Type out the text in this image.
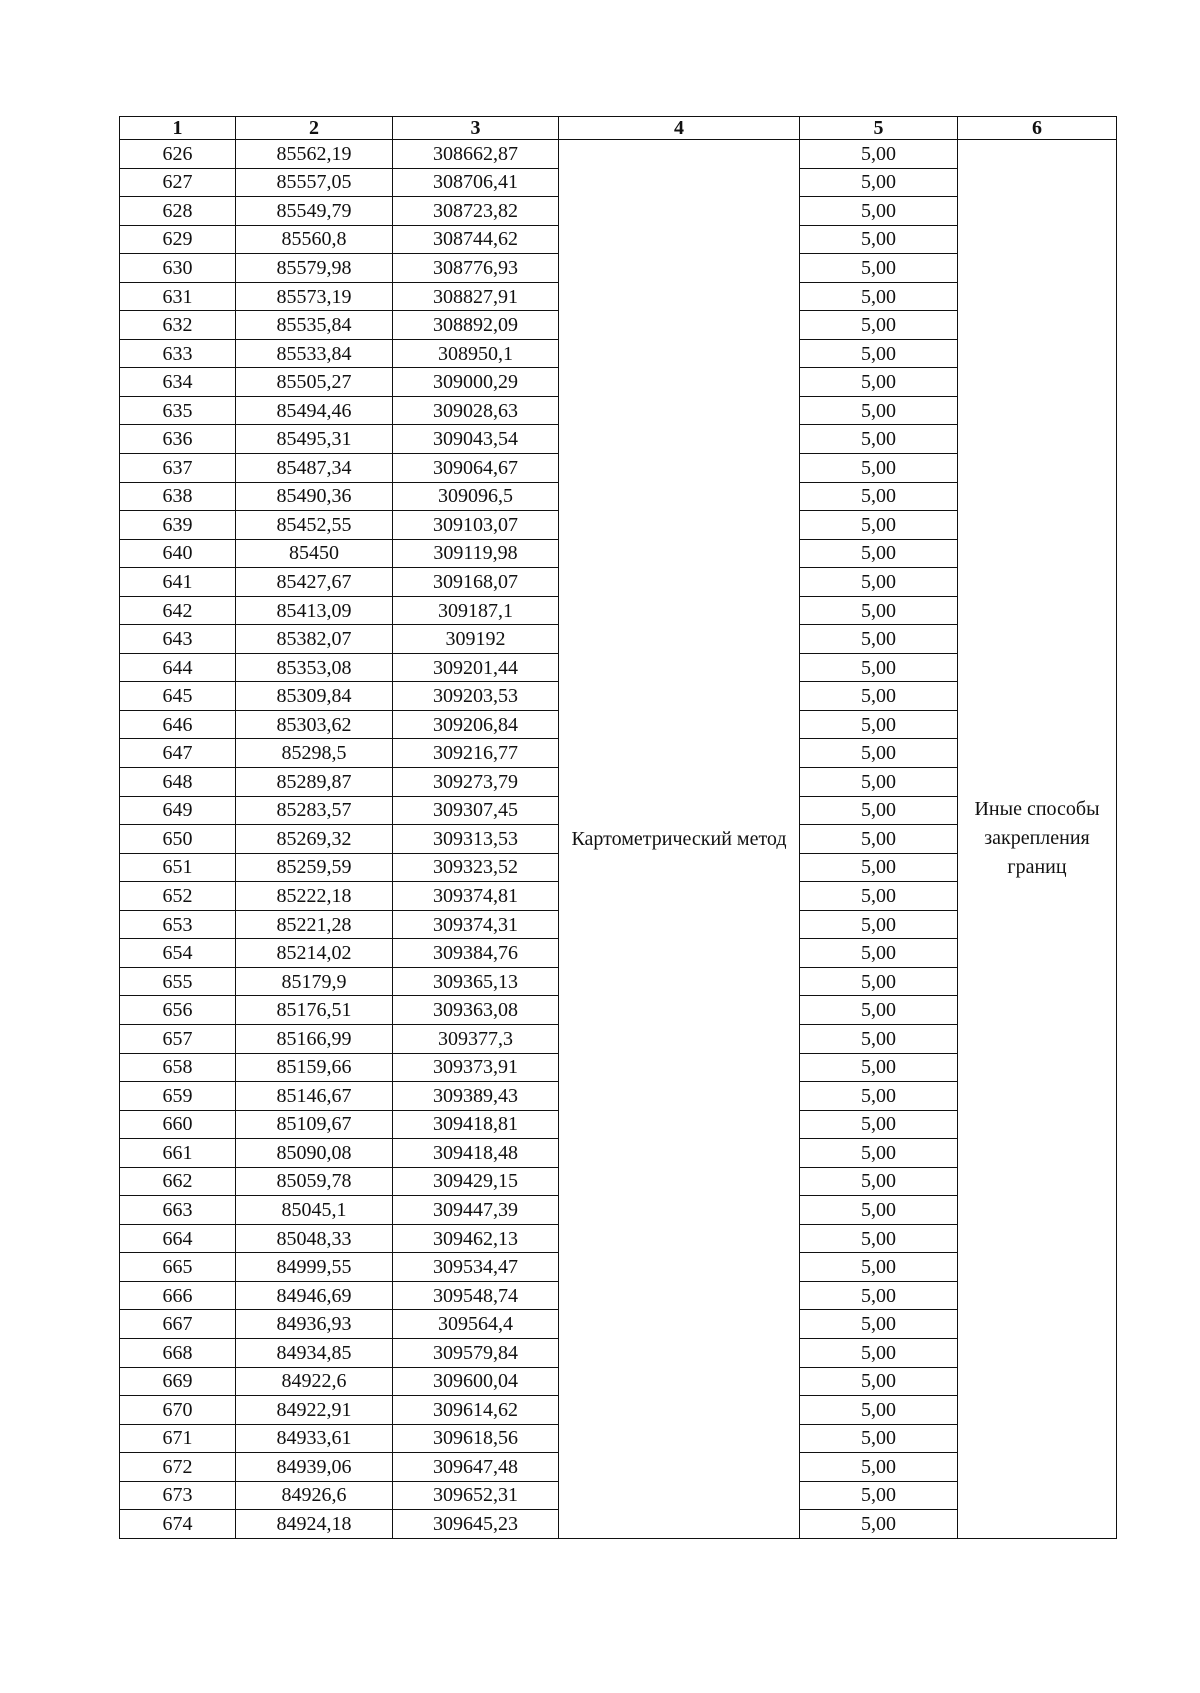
1	2	3	4	5	6
626	85562,19	308662,87	Картометрический метод	5,00	Иные способы закрепления границ
627	85557,05	308706,41		5,00	
628	85549,79	308723,82		5,00	
629	85560,8	308744,62		5,00	
630	85579,98	308776,93		5,00	
631	85573,19	308827,91		5,00	
632	85535,84	308892,09		5,00	
633	85533,84	308950,1		5,00	
634	85505,27	309000,29		5,00	
635	85494,46	309028,63		5,00	
636	85495,31	309043,54		5,00	
637	85487,34	309064,67		5,00	
638	85490,36	309096,5		5,00	
639	85452,55	309103,07		5,00	
640	85450	309119,98		5,00	
641	85427,67	309168,07		5,00	
642	85413,09	309187,1		5,00	
643	85382,07	309192		5,00	
644	85353,08	309201,44		5,00	
645	85309,84	309203,53		5,00	
646	85303,62	309206,84		5,00	
647	85298,5	309216,77		5,00	
648	85289,87	309273,79		5,00	
649	85283,57	309307,45		5,00	
650	85269,32	309313,53		5,00	
651	85259,59	309323,52		5,00	
652	85222,18	309374,81		5,00	
653	85221,28	309374,31		5,00	
654	85214,02	309384,76		5,00	
655	85179,9	309365,13		5,00	
656	85176,51	309363,08		5,00	
657	85166,99	309377,3		5,00	
658	85159,66	309373,91		5,00	
659	85146,67	309389,43		5,00	
660	85109,67	309418,81		5,00	
661	85090,08	309418,48		5,00	
662	85059,78	309429,15		5,00	
663	85045,1	309447,39		5,00	
664	85048,33	309462,13		5,00	
665	84999,55	309534,47		5,00	
666	84946,69	309548,74		5,00	
667	84936,93	309564,4		5,00	
668	84934,85	309579,84		5,00	
669	84922,6	309600,04		5,00	
670	84922,91	309614,62		5,00	
671	84933,61	309618,56		5,00	
672	84939,06	309647,48		5,00	
673	84926,6	309652,31		5,00	
674	84924,18	309645,23		5,00	
